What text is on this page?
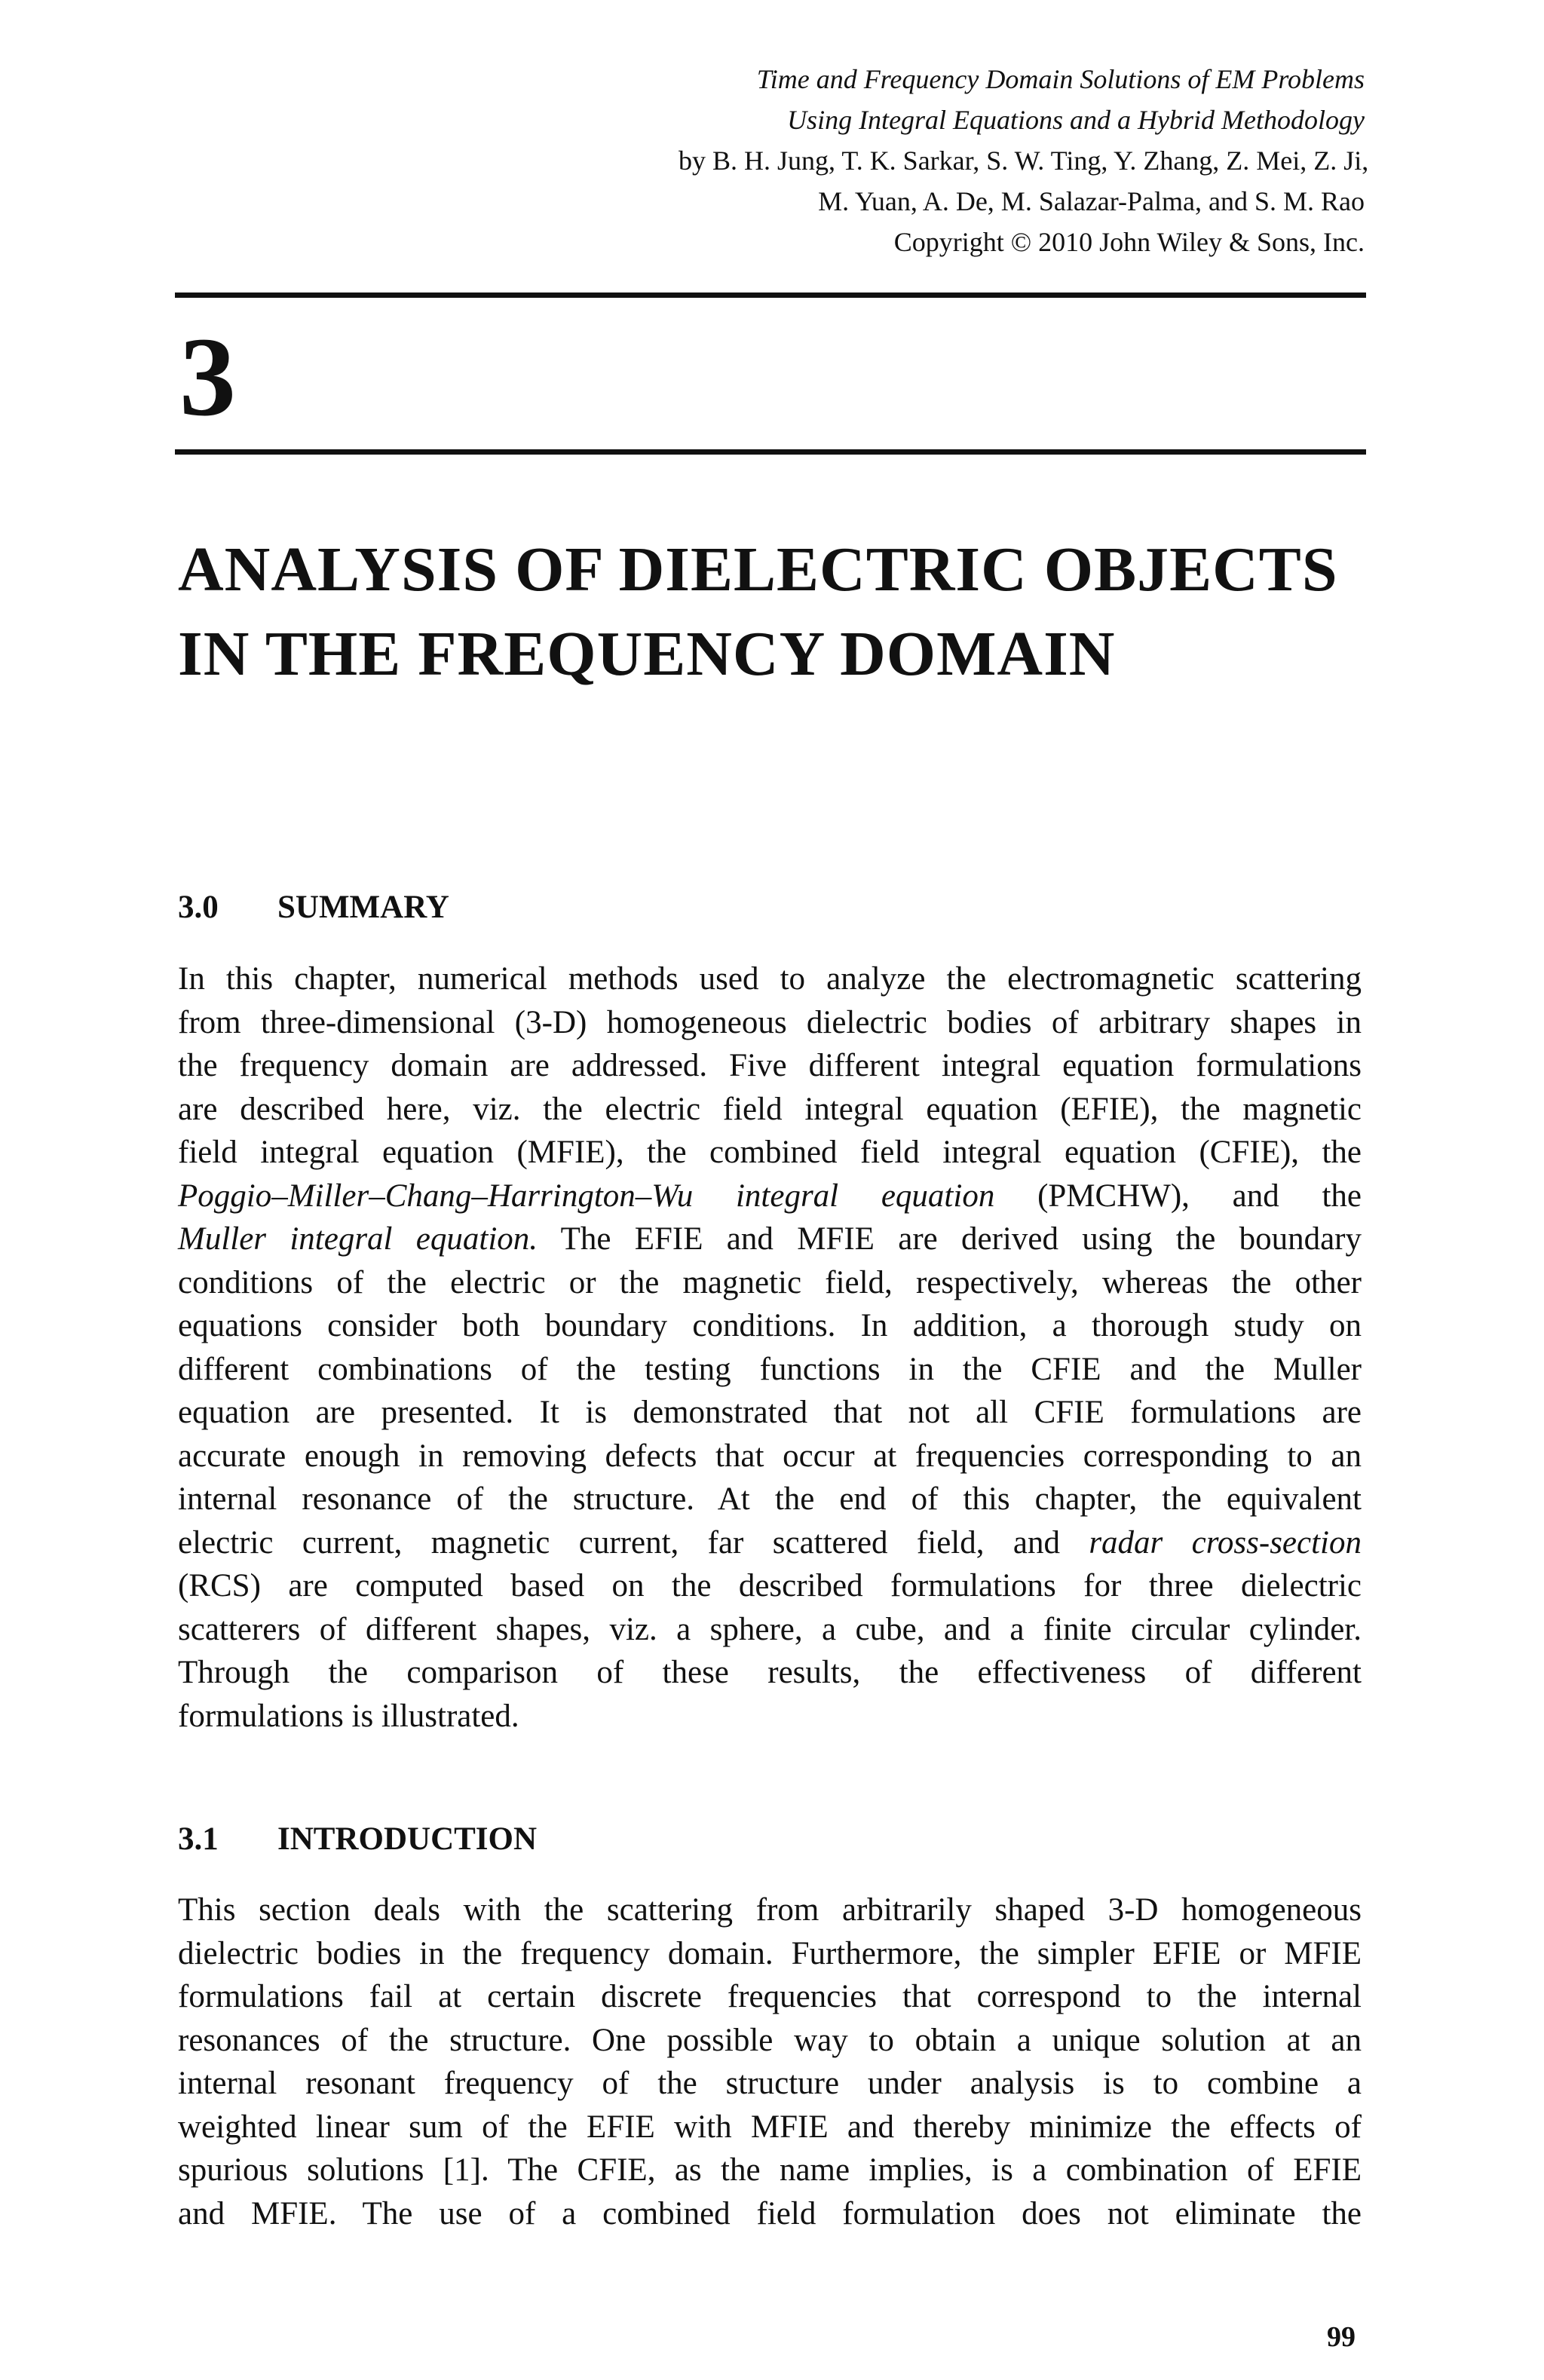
Time and Frequency Domain Solutions of EM Problems
Using Integral Equations and a Hybrid Methodology
by B. H. Jung, T. K. Sarkar, S. W. Ting, Y. Zhang, Z. Mei, Z. Ji,
M. Yuan, A. De, M. Salazar-Palma, and S. M. Rao
Copyright © 2010 John Wiley & Sons, Inc.
3
ANALYSIS OF DIELECTRIC OBJECTS
IN THE FREQUENCY DOMAIN
3.0 SUMMARY
In this chapter, numerical methods used to analyze the electromagnetic scattering
from three-dimensional (3-D) homogeneous dielectric bodies of arbitrary shapes in
the frequency domain are addressed. Five different integral equation formulations
are described here, viz. the electric field integral equation (EFIE), the magnetic
field integral equation (MFIE), the combined field integral equation (CFIE), the
Poggio–Miller–Chang–Harrington–Wu integral equation (PMCHW), and the
Muller integral equation. The EFIE and MFIE are derived using the boundary
conditions of the electric or the magnetic field, respectively, whereas the other
equations consider both boundary conditions. In addition, a thorough study on
different combinations of the testing functions in the CFIE and the Muller
equation are presented. It is demonstrated that not all CFIE formulations are
accurate enough in removing defects that occur at frequencies corresponding to an
internal resonance of the structure. At the end of this chapter, the equivalent
electric current, magnetic current, far scattered field, and radar cross-section
(RCS) are computed based on the described formulations for three dielectric
scatterers of different shapes, viz. a sphere, a cube, and a finite circular cylinder.
Through the comparison of these results, the effectiveness of different
formulations is illustrated.
3.1 INTRODUCTION
This section deals with the scattering from arbitrarily shaped 3-D homogeneous
dielectric bodies in the frequency domain. Furthermore, the simpler EFIE or MFIE
formulations fail at certain discrete frequencies that correspond to the internal
resonances of the structure. One possible way to obtain a unique solution at an
internal resonant frequency of the structure under analysis is to combine a
weighted linear sum of the EFIE with MFIE and thereby minimize the effects of
spurious solutions [1]. The CFIE, as the name implies, is a combination of EFIE
and MFIE. The use of a combined field formulation does not eliminate the
99
